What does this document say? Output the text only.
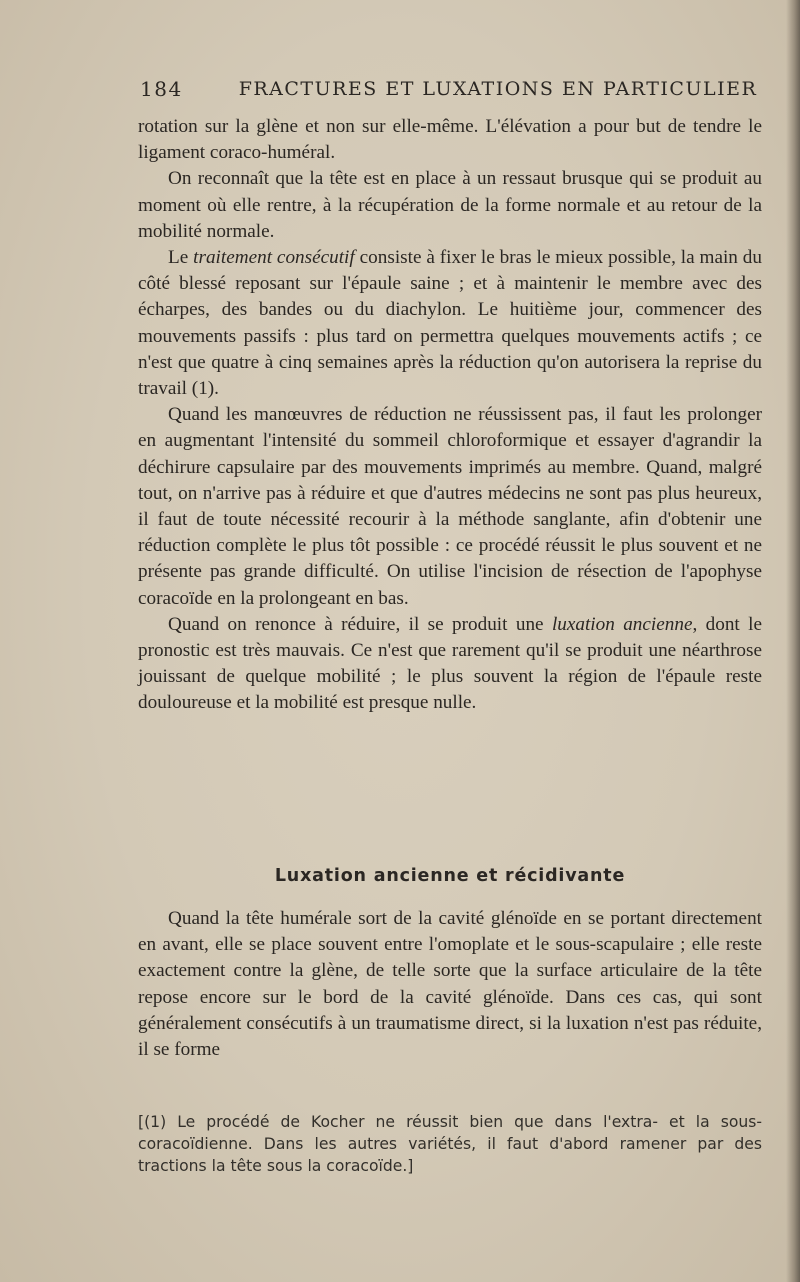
184	FRACTURES ET LUXATIONS EN PARTICULIER

rotation sur la glène et non sur elle-même. L'élévation a pour but de tendre le ligament coraco-huméral.

On reconnaît que la tête est en place à un ressaut brusque qui se produit au moment où elle rentre, à la récupération de la forme normale et au retour de la mobilité normale.

Le traitement consécutif consiste à fixer le bras le mieux possible, la main du côté blessé reposant sur l'épaule saine ; et à maintenir le membre avec des écharpes, des bandes ou du diachylon. Le huitième jour, commencer des mouvements passifs : plus tard on permettra quelques mouvements actifs ; ce n'est que quatre à cinq semaines après la réduction qu'on autorisera la reprise du travail (1).

Quand les manœuvres de réduction ne réussissent pas, il faut les prolonger en augmentant l'intensité du sommeil chloroformique et essayer d'agrandir la déchirure capsulaire par des mouvements imprimés au membre. Quand, malgré tout, on n'arrive pas à réduire et que d'autres médecins ne sont pas plus heureux, il faut de toute nécessité recourir à la méthode sanglante, afin d'obtenir une réduction complète le plus tôt possible : ce procédé réussit le plus souvent et ne présente pas grande difficulté. On utilise l'incision de résection de l'apophyse coracoïde en la prolongeant en bas.

Quand on renonce à réduire, il se produit une luxation ancienne, dont le pronostic est très mauvais. Ce n'est que rarement qu'il se produit une néarthrose jouissant de quelque mobilité ; le plus souvent la région de l'épaule reste douloureuse et la mobilité est presque nulle.

Luxation ancienne et récidivante

Quand la tête humérale sort de la cavité glénoïde en se portant directement en avant, elle se place souvent entre l'omoplate et le sous-scapulaire ; elle reste exactement contre la glène, de telle sorte que la surface articulaire de la tête repose encore sur le bord de la cavité glénoïde. Dans ces cas, qui sont généralement consécutifs à un traumatisme direct, si la luxation n'est pas réduite, il se forme

[(1) Le procédé de Kocher ne réussit bien que dans l'extra- et la sous-coracoïdienne. Dans les autres variétés, il faut d'abord ramener par des tractions la tête sous la coracoïde.]
